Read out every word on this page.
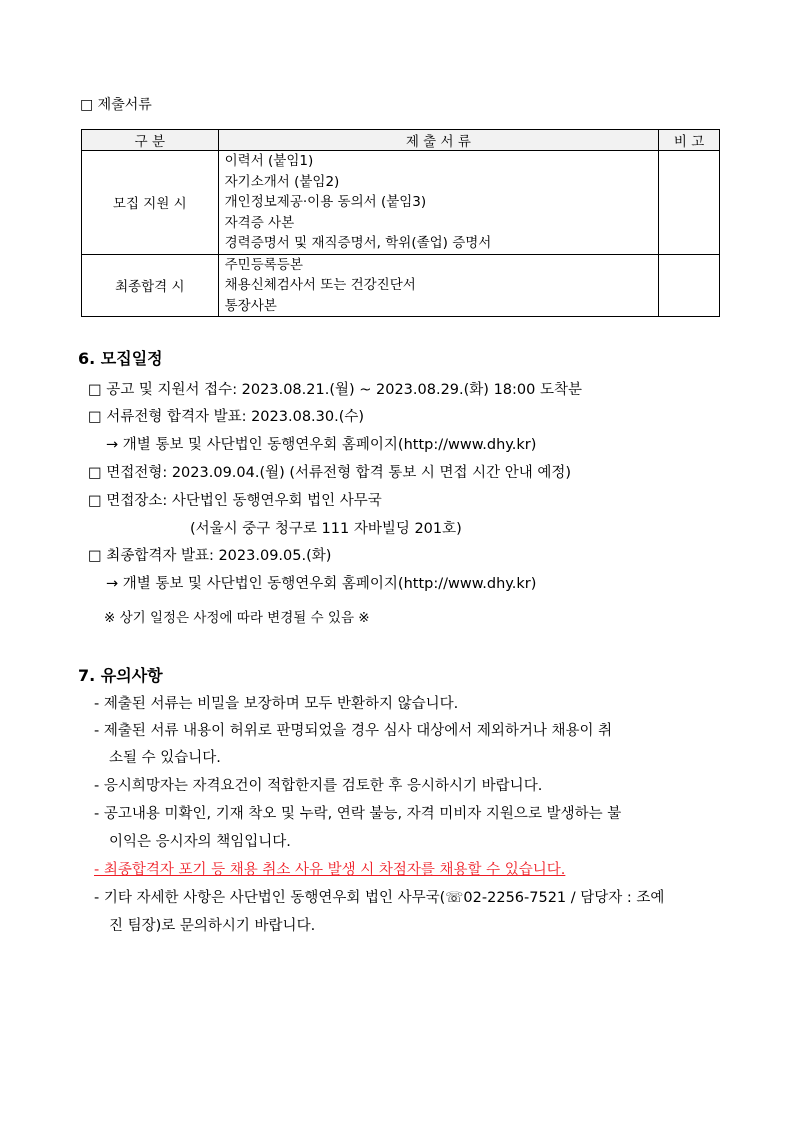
□ 제출서류
구 분	제 출 서 류	비 고
모집 지원 시	이력서 (붙임1)
자기소개서 (붙임2)
개인정보제공·이용 동의서 (붙임3)
자격증 사본
경력증명서 및 재직증명서, 학위(졸업) 증명서	

최종합격 시	주민등록등본
채용신체검사서 또는 건강진단서
통장사본	

6. 모집일정
□ 공고 및 지원서 접수: 2023.08.21.(월) ~ 2023.08.29.(화) 18:00 도착분
□ 서류전형 합격자 발표: 2023.08.30.(수)
→ 개별 통보 및 사단법인 동행연우회 홈페이지(http://www.dhy.kr)
□ 면접전형: 2023.09.04.(월) (서류전형 합격 통보 시 면접 시간 안내 예정)
□ 면접장소: 사단법인 동행연우회 법인 사무국
(서울시 중구 청구로 111 자바빌딩 201호)
□ 최종합격자 발표: 2023.09.05.(화)
→ 개별 통보 및 사단법인 동행연우회 홈페이지(http://www.dhy.kr)
※ 상기 일정은 사정에 따라 변경될 수 있음 ※
7. 유의사항
- 제출된 서류는 비밀을 보장하며 모두 반환하지 않습니다.
- 제출된 서류 내용이 허위로 판명되었을 경우 심사 대상에서 제외하거나 채용이 취
소될 수 있습니다.
- 응시희망자는 자격요건이 적합한지를 검토한 후 응시하시기 바랍니다.
- 공고내용 미확인, 기재 착오 및 누락, 연락 불능, 자격 미비자 지원으로 발생하는 불
이익은 응시자의 책임입니다.
- 최종합격자 포기 등 채용 취소 사유 발생 시 차점자를 채용할 수 있습니다.
- 기타 자세한 사항은 사단법인 동행연우회 법인 사무국(☏02-2256-7521 / 담당자 : 조예
진 팀장)로 문의하시기 바랍니다.
